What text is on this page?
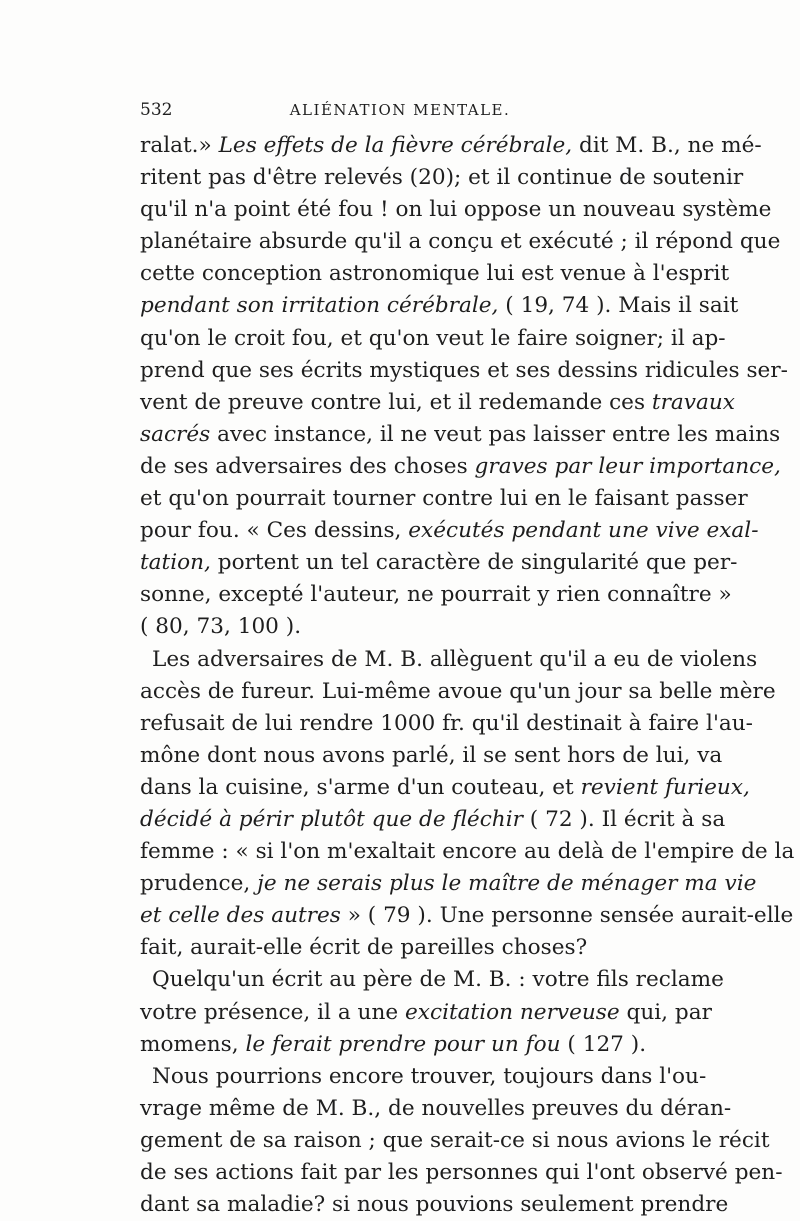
532	ALIÉNATION MENTALE.
ralat.» Les effets de la fièvre cérébrale, dit M. B., ne mé-
ritent pas d'être relevés (20); et il continue de soutenir
qu'il n'a point été fou ! on lui oppose un nouveau système
planétaire absurde qu'il a conçu et exécuté ; il répond que
cette conception astronomique lui est venue à l'esprit
pendant son irritation cérébrale, ( 19, 74 ). Mais il sait
qu'on le croit fou, et qu'on veut le faire soigner; il ap-
prend que ses écrits mystiques et ses dessins ridicules ser-
vent de preuve contre lui, et il redemande ces travaux
sacrés avec instance, il ne veut pas laisser entre les mains
de ses adversaires des choses graves par leur importance,
et qu'on pourrait tourner contre lui en le faisant passer
pour fou. « Ces dessins, exécutés pendant une vive exal-
tation, portent un tel caractère de singularité que per-
sonne, excepté l'auteur, ne pourrait y rien connaître »
( 80, 73, 100 ).
Les adversaires de M. B. allèguent qu'il a eu de violens
accès de fureur. Lui-même avoue qu'un jour sa belle mère
refusait de lui rendre 1000 fr. qu'il destinait à faire l'au-
mône dont nous avons parlé, il se sent hors de lui, va
dans la cuisine, s'arme d'un couteau, et revient furieux,
décidé à périr plutôt que de fléchir ( 72 ). Il écrit à sa
femme : « si l'on m'exaltait encore au delà de l'empire de la
prudence, je ne serais plus le maître de ménager ma vie
et celle des autres » ( 79 ). Une personne sensée aurait-elle
fait, aurait-elle écrit de pareilles choses?
Quelqu'un écrit au père de M. B. : votre fils reclame
votre présence, il a une excitation nerveuse qui, par
momens, le ferait prendre pour un fou ( 127 ).
Nous pourrions encore trouver, toujours dans l'ou-
vrage même de M. B., de nouvelles preuves du déran-
gement de sa raison ; que serait-ce si nous avions le récit
de ses actions fait par les personnes qui l'ont observé pen-
dant sa maladie? si nous pouvions seulement prendre
